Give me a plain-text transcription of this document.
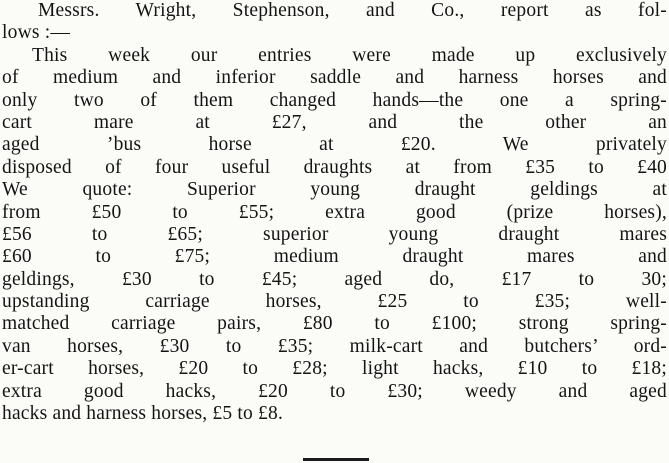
Messrs. Wright, Stephenson, and Co., report as fol-
lows :—
This week our entries were made up exclusively
of medium and inferior saddle and harness horses and
only two of them changed hands—the one a spring-
cart mare at £27, and the other an
aged ’bus horse at £20. We privately
disposed of four useful draughts at from £35 to £40
We quote: Superior young draught geldings at
from £50 to £55; extra good (prize horses),
£56 to £65; superior young draught mares
£60 to £75; medium draught mares and
geldings, £30 to £45; aged do, £17 to 30;
upstanding carriage horses, £25 to £35; well-
matched carriage pairs, £80 to £100; strong spring-
van horses, £30 to £35; milk-cart and butchers’ ord-
er-cart horses, £20 to £28; light hacks, £10 to £18;
extra good hacks, £20 to £30; weedy and aged
hacks and harness horses, £5 to £8.
